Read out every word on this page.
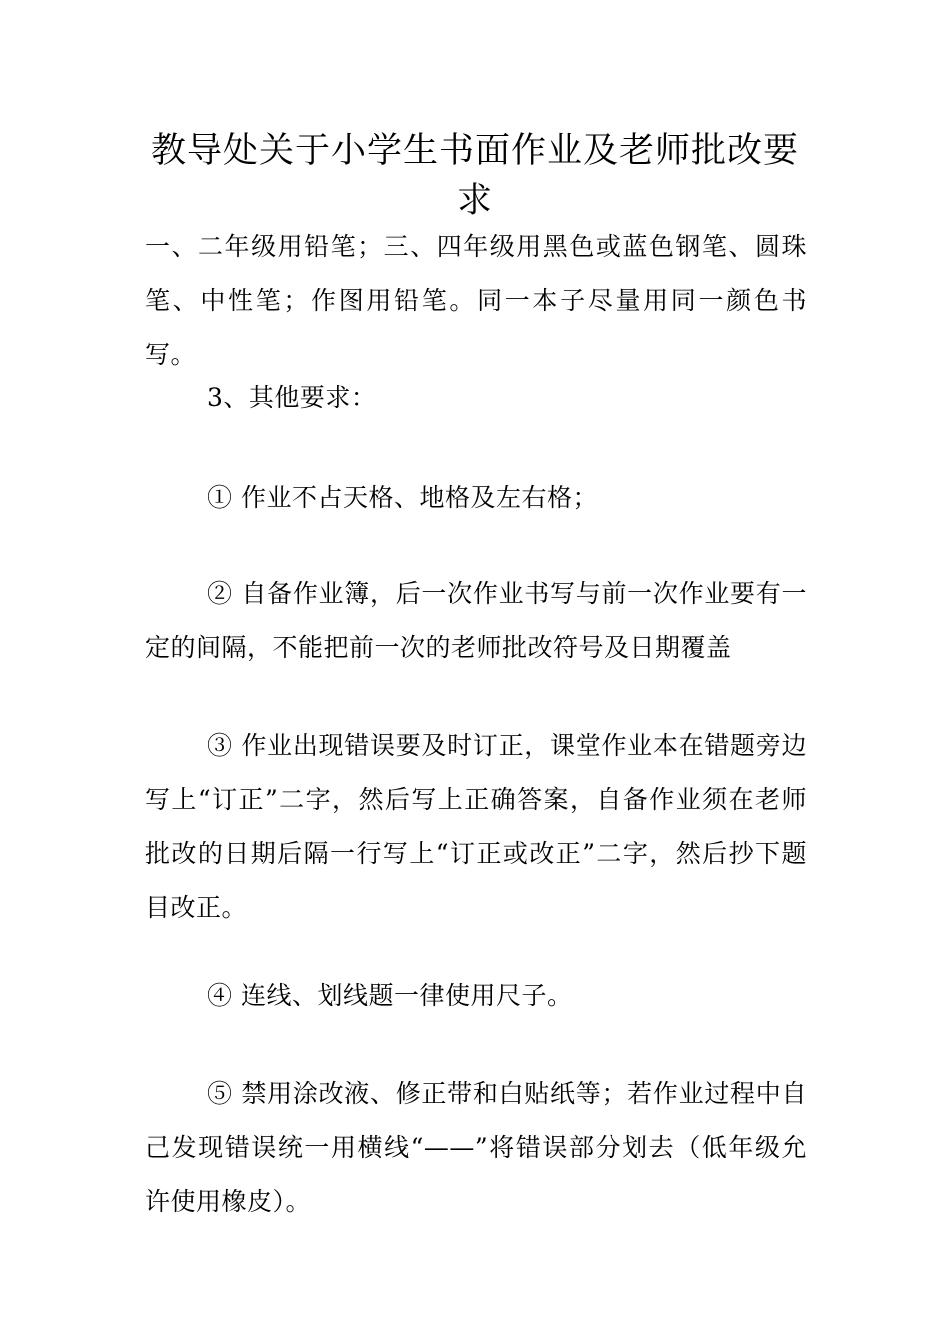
教导处关于小学生书面作业及老师批改要求
一、二年级用铅笔；三、四年级用黑色或蓝色钢笔、圆珠笔、中性笔；作图用铅笔。同一本子尽量用同一颜色书写。
3、其他要求：
① 作业不占天格、地格及左右格；
② 自备作业簿，后一次作业书写与前一次作业要有一定的间隔，不能把前一次的老师批改符号及日期覆盖
③ 作业出现错误要及时订正，课堂作业本在错题旁边写上“订正”二字，然后写上正确答案，自备作业须在老师批改的日期后隔一行写上“订正或改正”二字，然后抄下题目改正。
④ 连线、划线题一律使用尺子。
⑤ 禁用涂改液、修正带和白贴纸等；若作业过程中自己发现错误统一用横线“——”将错误部分划去（低年级允许使用橡皮）。
